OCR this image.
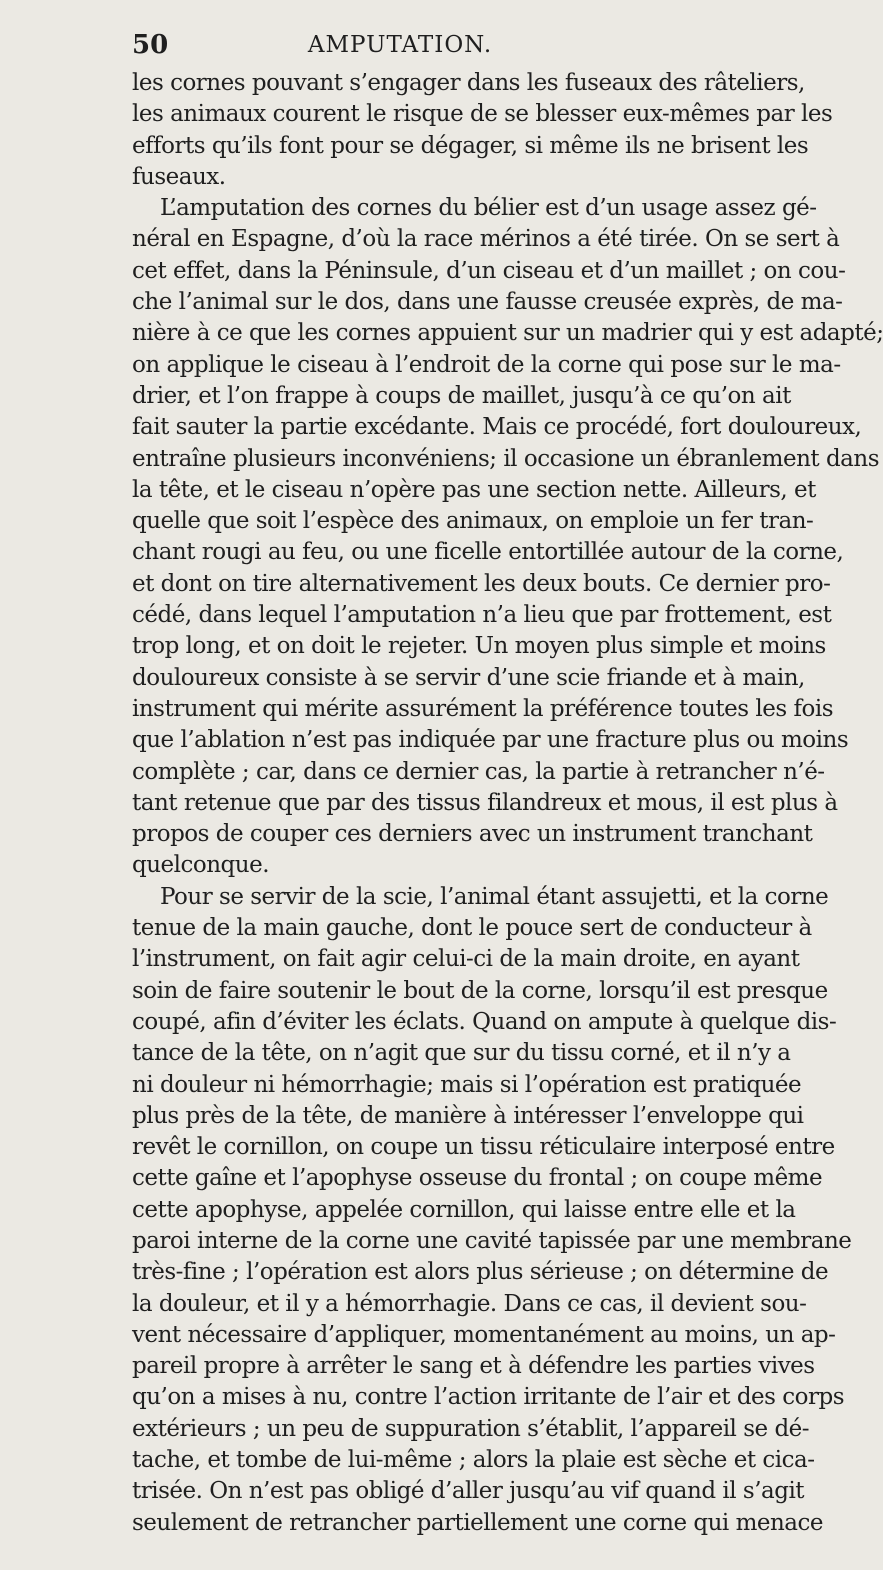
50	AMPUTATION.
les cornes pouvant s’engager dans les fuseaux des râteliers,
les animaux courent le risque de se blesser eux-mêmes par les
efforts qu’ils font pour se dégager, si même ils ne brisent les
fuseaux.
L’amputation des cornes du bélier est d’un usage assez gé-
néral en Espagne, d’où la race mérinos a été tirée. On se sert à
cet effet, dans la Péninsule, d’un ciseau et d’un maillet ; on cou-
che l’animal sur le dos, dans une fausse creusée exprès, de ma-
nière à ce que les cornes appuient sur un madrier qui y est adapté;
on applique le ciseau à l’endroit de la corne qui pose sur le ma-
drier, et l’on frappe à coups de maillet, jusqu’à ce qu’on ait
fait sauter la partie excédante. Mais ce procédé, fort douloureux,
entraîne plusieurs inconvéniens; il occasione un ébranlement dans
la tête, et le ciseau n’opère pas une section nette. Ailleurs, et
quelle que soit l’espèce des animaux, on emploie un fer tran-
chant rougi au feu, ou une ficelle entortillée autour de la corne,
et dont on tire alternativement les deux bouts. Ce dernier pro-
cédé, dans lequel l’amputation n’a lieu que par frottement, est
trop long, et on doit le rejeter. Un moyen plus simple et moins
douloureux consiste à se servir d’une scie friande et à main,
instrument qui mérite assurément la préférence toutes les fois
que l’ablation n’est pas indiquée par une fracture plus ou moins
complète ; car, dans ce dernier cas, la partie à retrancher n’é-
tant retenue que par des tissus filandreux et mous, il est plus à
propos de couper ces derniers avec un instrument tranchant
quelconque.
Pour se servir de la scie, l’animal étant assujetti, et la corne
tenue de la main gauche, dont le pouce sert de conducteur à
l’instrument, on fait agir celui-ci de la main droite, en ayant
soin de faire soutenir le bout de la corne, lorsqu’il est presque
coupé, afin d’éviter les éclats. Quand on ampute à quelque dis-
tance de la tête, on n’agit que sur du tissu corné, et il n’y a
ni douleur ni hémorrhagie; mais si l’opération est pratiquée
plus près de la tête, de manière à intéresser l’enveloppe qui
revêt le cornillon, on coupe un tissu réticulaire interposé entre
cette gaîne et l’apophyse osseuse du frontal ; on coupe même
cette apophyse, appelée cornillon, qui laisse entre elle et la
paroi interne de la corne une cavité tapissée par une membrane
très-fine ; l’opération est alors plus sérieuse ; on détermine de
la douleur, et il y a hémorrhagie. Dans ce cas, il devient sou-
vent nécessaire d’appliquer, momentanément au moins, un ap-
pareil propre à arrêter le sang et à défendre les parties vives
qu’on a mises à nu, contre l’action irritante de l’air et des corps
extérieurs ; un peu de suppuration s’établit, l’appareil se dé-
tache, et tombe de lui-même ; alors la plaie est sèche et cica-
trisée. On n’est pas obligé d’aller jusqu’au vif quand il s’agit
seulement de retrancher partiellement une corne qui menace
